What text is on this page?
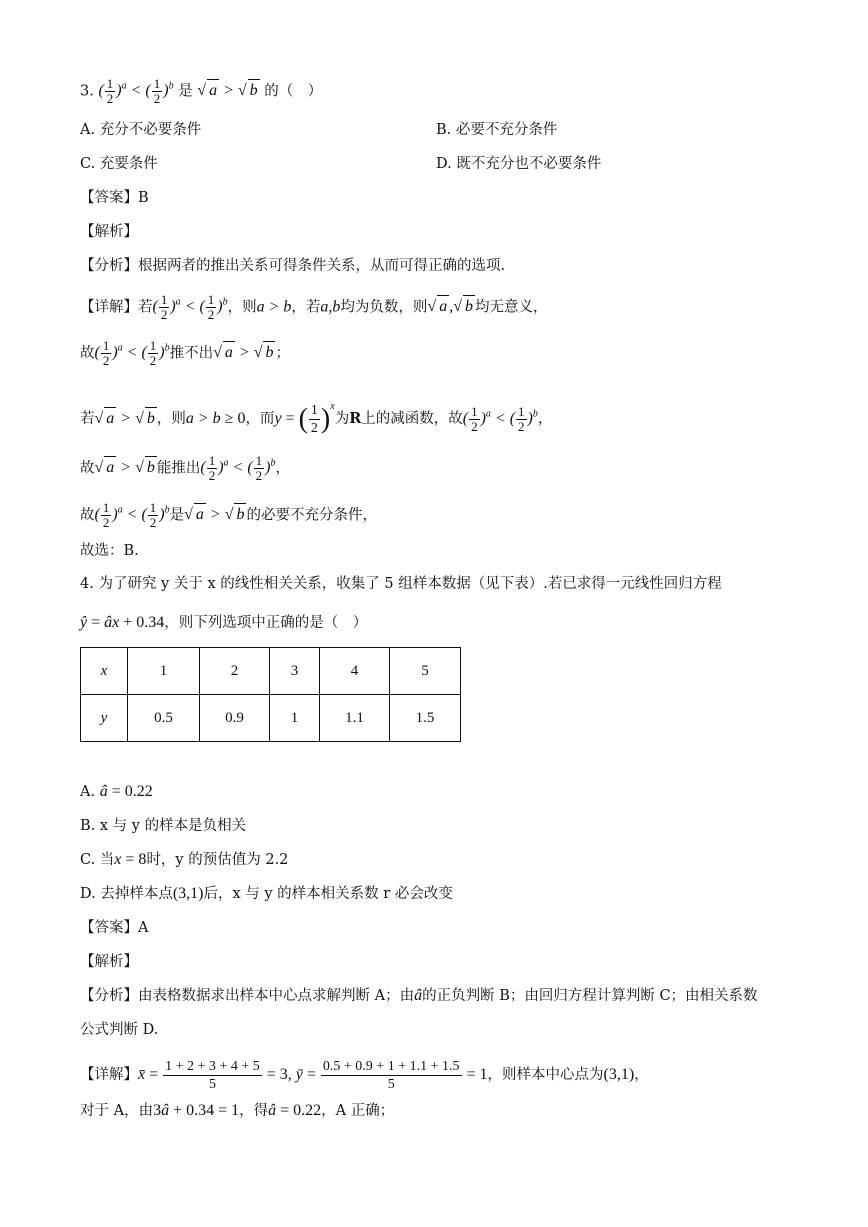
3. ( $\frac{1}{2} )^a$ < ( $\frac{1}{2} )^b$ 是 √ a > √ b 的（　）
A. 充分不必要条件	B. 必要不充分条件
C. 充要条件	D. 既不充分也不必要条件
【答案】B
【解析】
【分析】根据两者的推出关系可得条件关系，从而可得正确的选项.
【详解】若( $\frac{1}{2} )^a$ < ( $\frac{1}{2} )^b$，则a > b，若a,b均为负数，则√ a ,√ b 均无意义，
故( $\frac{1}{2} )^a$ < ( $\frac{1}{2} )^b$推不出√ a > √ b ；
若√ a > √ b ，则a > b ≥ 0，而y = ( $\frac{1}{2} )^x$为R上的减函数，故( $\frac{1}{2} )^a$ < ( $\frac{1}{2} )^b$，
故√ a > √ b 能推出( $\frac{1}{2} )^a$ < ( $\frac{1}{2} )^b$，
故( $\frac{1}{2} )^a$ < ( $\frac{1}{2} )^b$是√ a > √ b 的必要不充分条件，
故选：B.
4. 为了研究 y 关于 x 的线性相关关系，收集了 5 组样本数据（见下表）.若已求得一元线性回归方程
ŷ = âx + 0.34，则下列选项中正确的是（　）
x	1	2	3	4	5
y	0.5	0.9	1	1.1	1.5
A. â = 0.22
B. x 与 y 的样本是负相关
C. 当x = 8时，y 的预估值为 2.2
D. 去掉样本点(3,1)后，x 与 y 的样本相关系数 r 必会改变
【答案】A
【解析】
【分析】由表格数据求出样本中心点求解判断 A；由â的正负判断 B；由回归方程计算判断 C；由相关系数
公式判断 D.
【详解】x̄ = $\frac{1 + 2 + 3 + 4 + 5}{5} = 3$, ȳ = $\frac{0.5 + 0.9 + 1 + 1.1 + 1.5}{5} = 1$，则样本中心点为(3,1)，
对于 A，由3â + 0.34 = 1，得â = 0.22，A 正确；
